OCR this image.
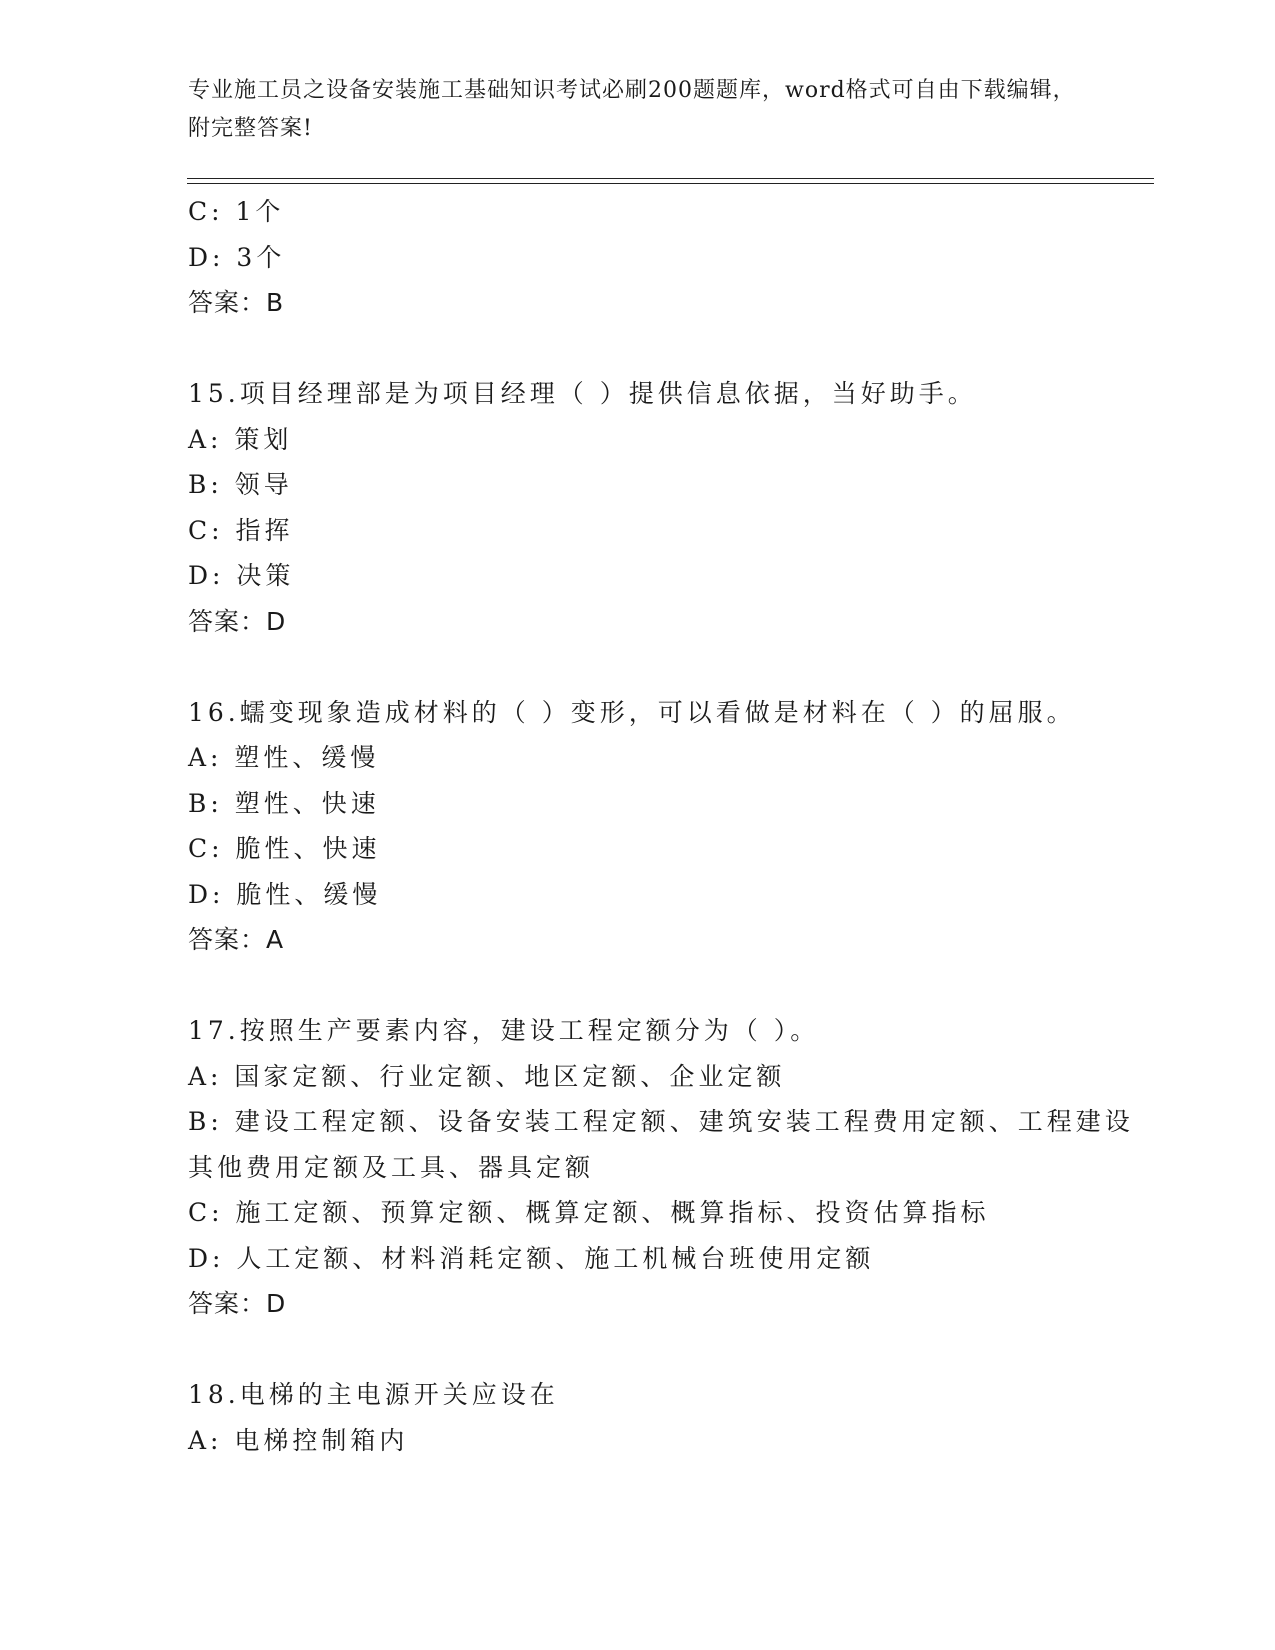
专业施工员之设备安装施工基础知识考试必刷200题题库，word格式可自由下载编辑，附完整答案!
C: 1个
D: 3个
答案：B
15.项目经理部是为项目经理（ ）提供信息依据，当好助手。
A: 策划
B: 领导
C: 指挥
D: 决策
答案：D
16.蠕变现象造成材料的（ ）变形，可以看做是材料在（ ）的屈服。
A: 塑性、缓慢
B: 塑性、快速
C: 脆性、快速
D: 脆性、缓慢
答案：A
17.按照生产要素内容，建设工程定额分为（ ）。
A: 国家定额、行业定额、地区定额、企业定额
B: 建设工程定额、设备安装工程定额、建筑安装工程费用定额、工程建设其他费用定额及工具、器具定额
C: 施工定额、预算定额、概算定额、概算指标、投资估算指标
D: 人工定额、材料消耗定额、施工机械台班使用定额
答案：D
18.电梯的主电源开关应设在
A: 电梯控制箱内
